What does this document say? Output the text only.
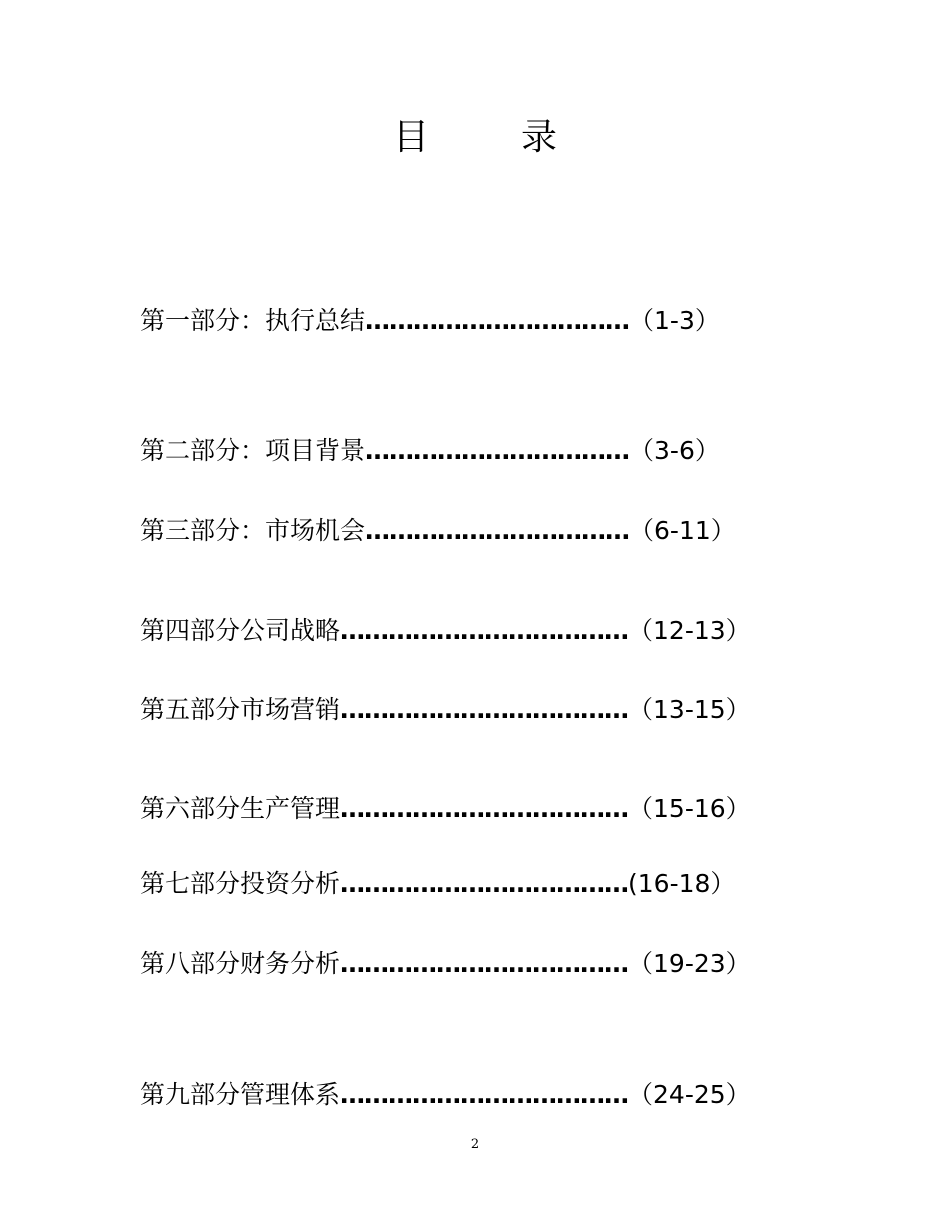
目	录
第一部分：执行总结……………………………（1-3）
第二部分：项目背景……………………………（3-6）
第三部分：市场机会……………………………（6-11）
第四部分公司战略………………………………（12-13）
第五部分市场营销………………………………（13-15）
第六部分生产管理………………………………（15-16）
第七部分投资分析………………………………(16-18）
第八部分财务分析………………………………（19-23）
第九部分管理体系………………………………（24-25）
2
